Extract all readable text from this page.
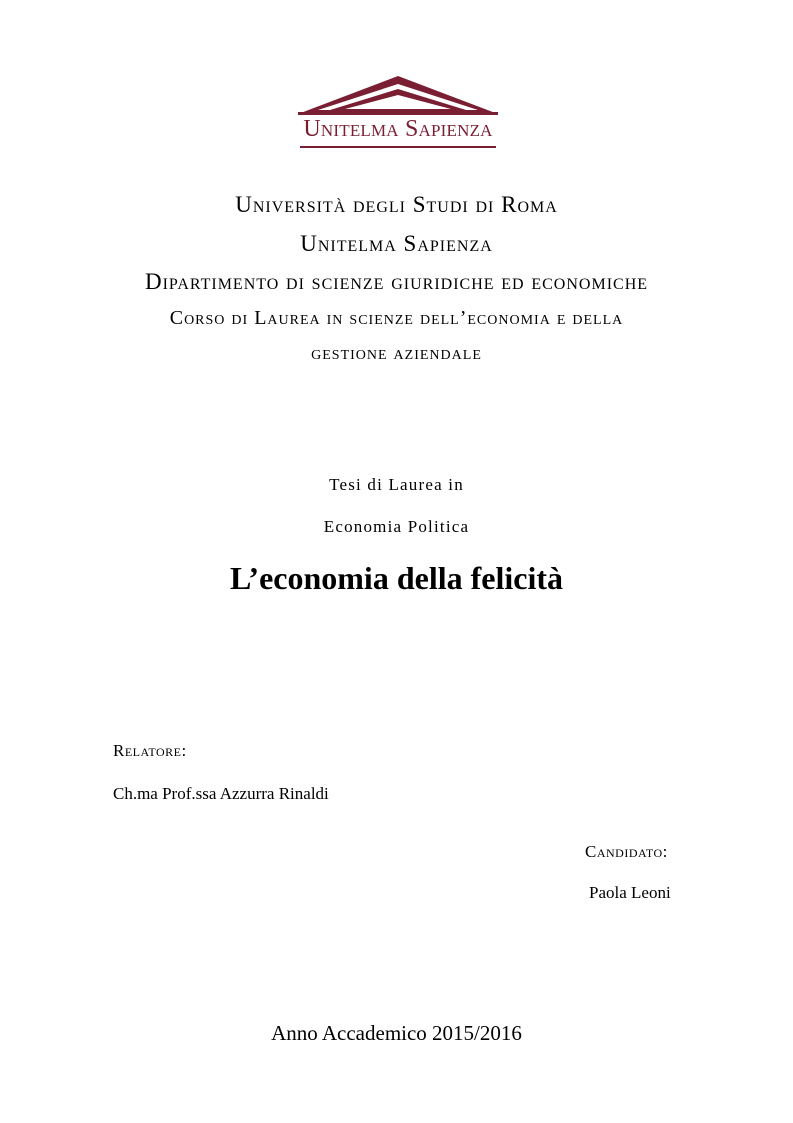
Unitelma Sapienza
Università degli Studi di Roma
Unitelma Sapienza
Dipartimento di scienze giuridiche ed economiche
Corso di Laurea in scienze dell’economia e della
gestione aziendale
Tesi di Laurea in
Economia Politica
L’economia della felicità
Relatore:
Ch.ma Prof.ssa Azzurra Rinaldi
Candidato:
Paola Leoni
Anno Accademico 2015/2016
